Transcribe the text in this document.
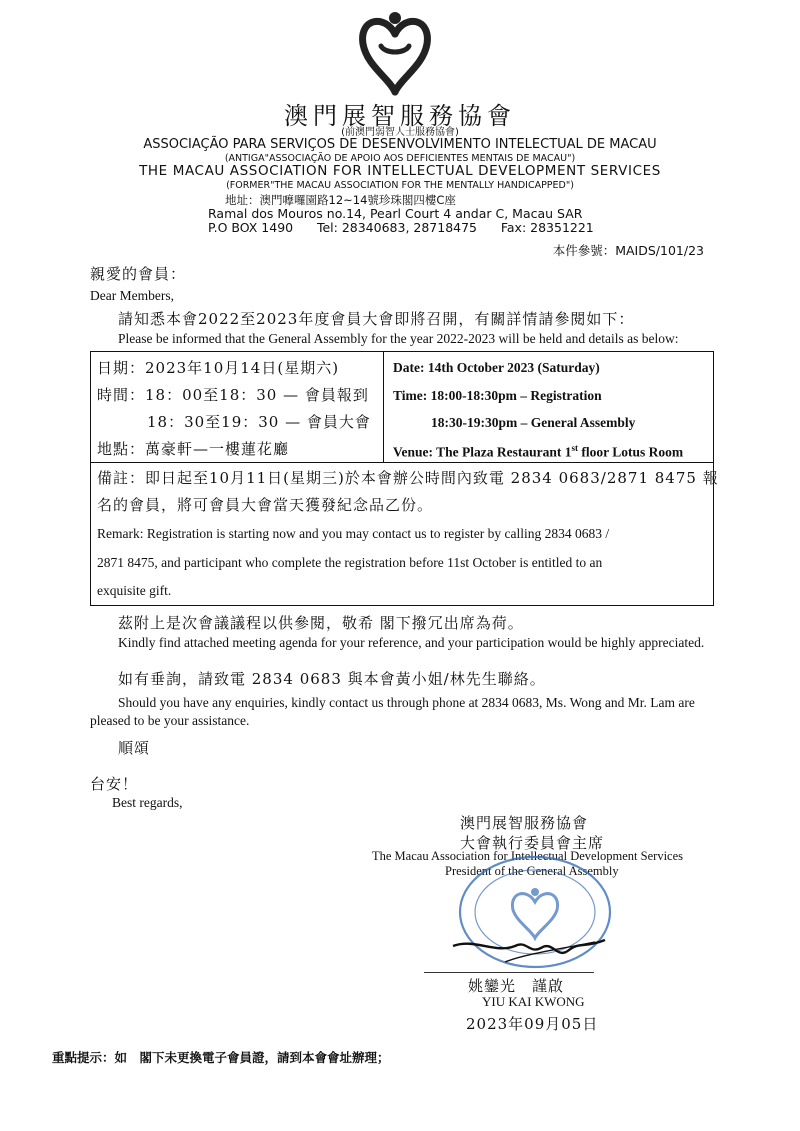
澳門展智服務協會
(前澳門弱智人士服務協會)
ASSOCIAÇÃO PARA SERVIÇOS DE DESENVOLVIMENTO INTELECTUAL DE MACAU
(ANTIGA"ASSOCIAÇÃO DE APOIO AOS DEFICIENTES MENTAIS DE MACAU")
THE MACAU ASSOCIATION FOR INTELLECTUAL DEVELOPMENT SERVICES
(FORMER"THE MACAU ASSOCIATION FOR THE MENTALLY HANDICAPPED")
地址：澳門嚤囉園路12~14號珍珠閣四樓C座
Ramal dos Mouros no.14, Pearl Court 4 andar C, Macau SAR
P.O BOX 1490      Tel: 28340683, 28718475      Fax: 28351221
本件參號：MAIDS/101/23
親愛的會員：
Dear Members,
請知悉本會2022至2023年度會員大會即將召開，有關詳情請參閱如下：
Please be informed that the General Assembly for the year 2022-2023 will be held and details as below:
日期：2023年10月14日(星期六)
時間：18：00至18：30 — 會員報到
18：30至19：30 — 會員大會
地點：萬豪軒—一樓蓮花廳
Date: 14th October 2023 (Saturday)
Time: 18:00-18:30pm – Registration
18:30-19:30pm – General Assembly
Venue: The Plaza Restaurant 1st floor Lotus Room
備註：即日起至10月11日(星期三)於本會辦公時間內致電 2834 0683/2871 8475 報
名的會員，將可會員大會當天獲發紀念品乙份。
Remark: Registration is starting now and you may contact us to register by calling 2834 0683 /
2871 8475, and participant who complete the registration before 11st October is entitled to an
exquisite gift.
茲附上是次會議議程以供參閱，敬希 閣下撥冗出席為荷。
Kindly find attached meeting agenda for your reference, and your participation would be highly appreciated.
如有垂詢，請致電 2834 0683 與本會黃小姐/林先生聯絡。
Should you have any enquiries, kindly contact us through phone at 2834 0683, Ms. Wong and Mr. Lam are
pleased to be your assistance.
順頌
台安！
Best regards,
澳門展智服務協會
大會執行委員會主席
The Macau Association for Intellectual Development Services
President of the General Assembly
姚鑾光　謹啟
YIU KAI KWONG
2023年09月05日
重點提示：如　閣下未更換電子會員證，請到本會會址辦理；
